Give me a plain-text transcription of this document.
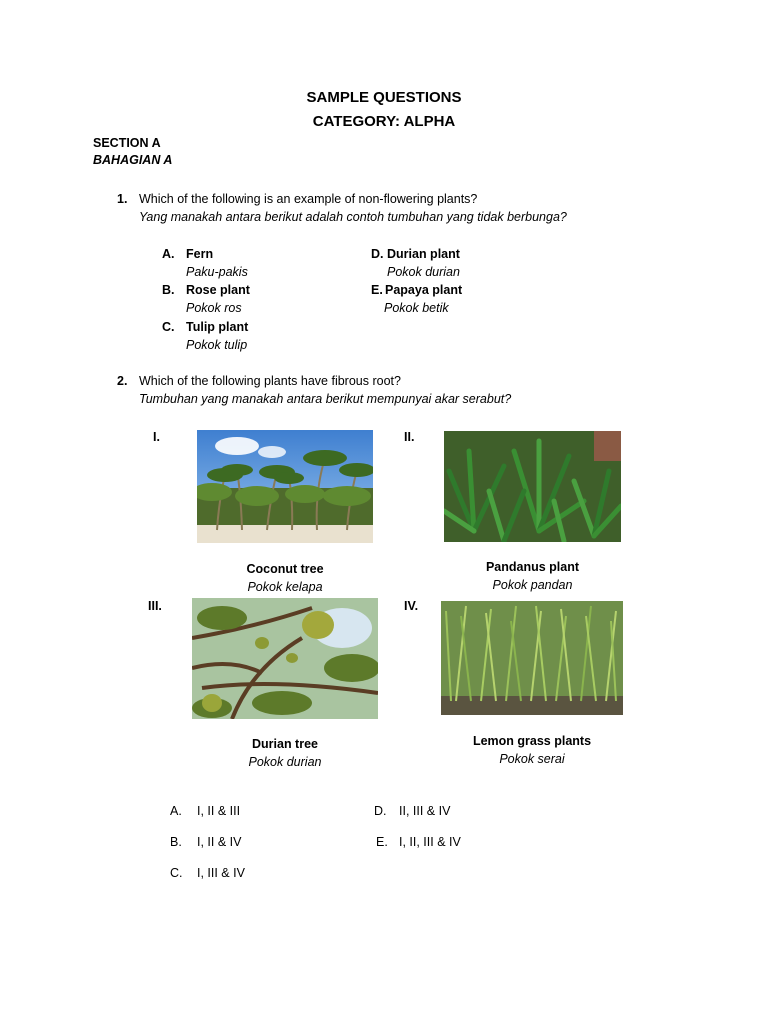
SAMPLE QUESTIONS
CATEGORY: ALPHA
SECTION A
BAHAGIAN A
1. Which of the following is an example of non-flowering plants?
Yang manakah antara berikut adalah contoh tumbuhan yang tidak berbunga?
A. Fern
Paku-pakis
B. Rose plant
Pokok ros
C. Tulip plant
Pokok tulip
D. Durian plant
Pokok durian
E. Papaya plant
Pokok betik
2. Which of the following plants have fibrous root?
Tumbuhan yang manakah antara berikut mempunyai akar serabut?
I.
Coconut tree
Pokok kelapa
II.
Pandanus plant
Pokok pandan
III.
Durian tree
Pokok durian
IV.
Lemon grass plants
Pokok serai
A. I, II & III
B. I, II & IV
C. I, III & IV
D. II, III & IV
E. I, II, III & IV
